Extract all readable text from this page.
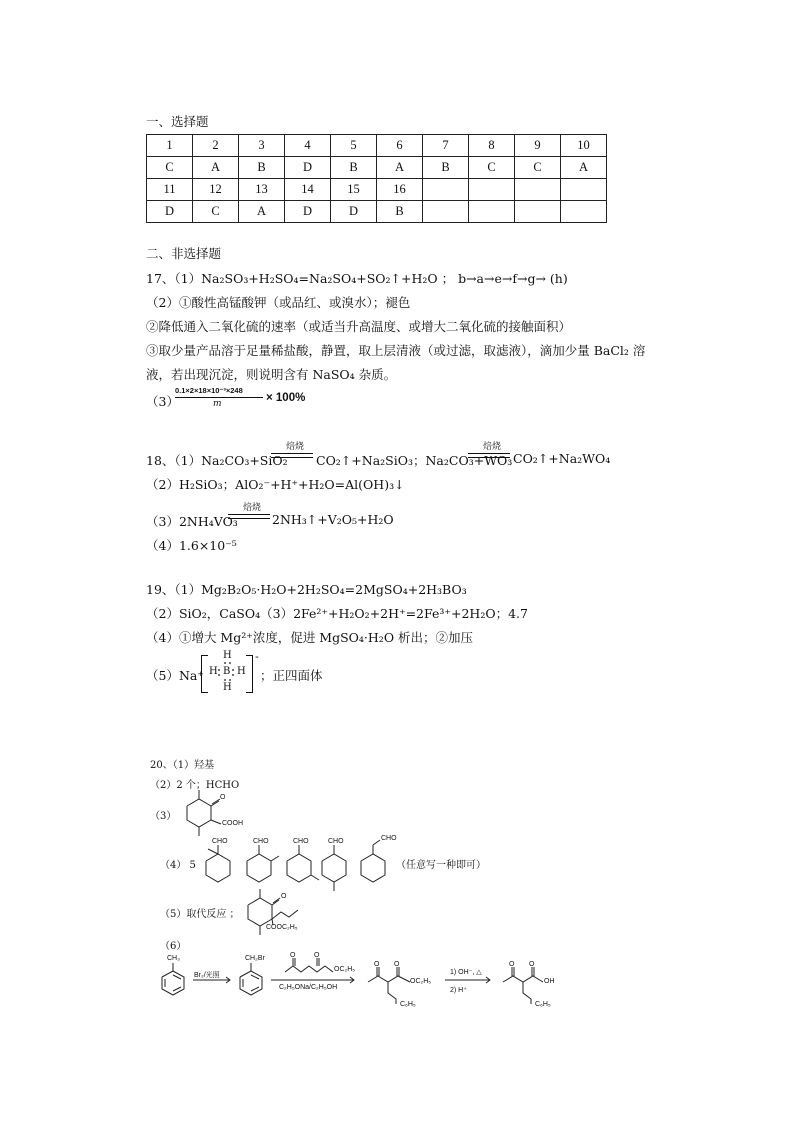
一、选择题
1	2	3	4	5	6	7	8	9	10
C	A	B	D	B	A	B	C	C	A
11	12	13	14	15	16				
D	C	A	D	D	B				
二、非选择题
17、（1）Na₂SO₃+H₂SO₄=Na₂SO₄+SO₂↑+H₂O ； b→a→e→f→g→ (h)
（2）①酸性高锰酸钾（或品红、或溴水）；褪色
②降低通入二氧化硫的速率（或适当升高温度、或增大二氧化硫的接触面积）
③取少量产品溶于足量稀盐酸，静置，取上层清液（或过滤，取滤液），滴加少量 BaCl₂ 溶
液，若出现沉淀，则说明含有 NaSO₄ 杂质。
（3）
0.1×2×18×10⁻³×248
m	× 100%
18、（1）Na₂CO₃+SiO₂
焙烧
CO₂↑+Na₂SiO₃；Na₂CO₃+WO₃
焙烧
CO₂↑+Na₂WO₄
（2）H₂SiO₃；AlO₂⁻+H⁺+H₂O=Al(OH)₃↓
（3）2NH₄VO₃
焙烧
2NH₃↑+V₂O₅+H₂O
（4）1.6×10⁻⁵
19、（1）Mg₂B₂O₅·H₂O+2H₂SO₄=2MgSO₄+2H₃BO₃
（2）SiO₂，CaSO₄（3）2Fe²⁺+H₂O₂+2H⁺=2Fe³⁺+2H₂O；4.7
（4）①增大 Mg²⁺浓度，促进 MgSO₄·H₂O 析出；②加压
（5）Na⁺
-
H
H B H
H
；正四面体
20、（1）羟基
（2）2 个；HCHO
（3）
O
COOH
（4） 5
CHO	CHO	CHO	CHO	CHO
（任意写一种即可）
（5）取代反应 ；
O
COOC₂H₅
（6）
CH₃
Br₂/光照
CH₂Br	O	O
OC₂H₅
C₂H₅ONa/C₂H₅OH
O O
OC₂H₅
C₆H₅
1) OH⁻, △
2) H⁺
O O
OH
C₆H₅
